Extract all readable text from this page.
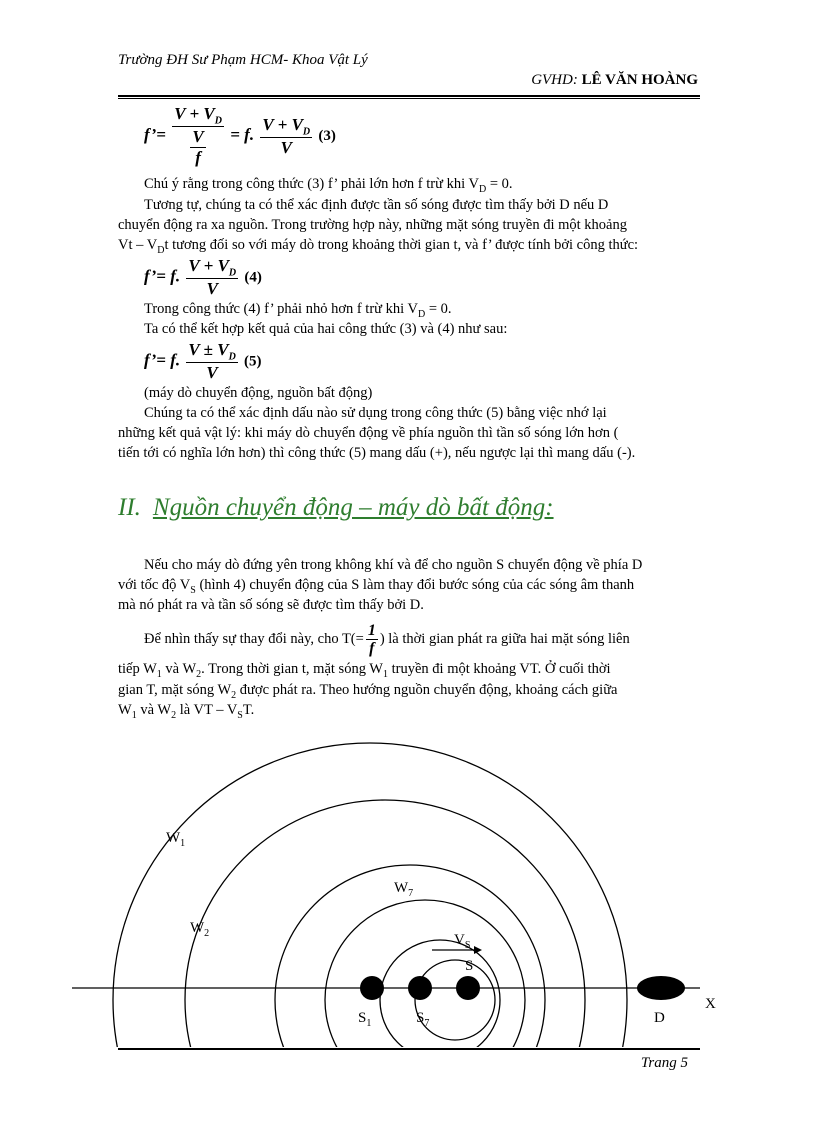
Trường ĐH Sư Phạm HCM- Khoa Vật Lý
GVHD: LÊ VĂN HOÀNG
f’= $\frac{V + V_D}{\frac{V}{f}} = f$. $\frac{V + V_D}{V} (3)$
Chú ý rằng trong công thức (3) f’ phải lớn hơn f trừ khi $V_D = 0$.
Tương tự, chúng ta có thể xác định được tần số sóng được tìm thấy bởi D nếu D
chuyển động ra xa nguồn. Trong trường hợp này, những mặt sóng truyền đi một khoảng
Vt – $V_Dt$ tương đối so với máy dò trong khoảng thời gian t, và f’ được tính bởi công thức:
f’= f. $\frac{V + V_D}{V} (4)$
Trong công thức (4) f’ phải nhỏ hơn f trừ khi $V_D = 0$.
Ta có thể kết hợp kết quả của hai công thức (3) và (4) như sau:
f’= f. $\frac{V \pm V_D}{V} (5)$
(máy dò chuyển động, nguồn bất động)
Chúng ta có thể xác định dấu nào sử dụng trong công thức (5) bằng việc nhớ lại
những kết quả vật lý: khi máy dò chuyển động về phía nguồn thì tần số sóng lớn hơn (
tiến tới có nghĩa lớn hơn) thì công thức (5) mang dấu (+), nếu ngược lại thì mang dấu (-).
II. Nguồn chuyển động – máy dò bất động:
Nếu cho máy dò đứng yên trong không khí và để cho nguồn S chuyển động về phía D
với tốc độ $V_S$ (hình 4) chuyển động của S làm thay đổi bước sóng của các sóng âm thanh
mà nó phát ra và tần số sóng sẽ được tìm thấy bởi D.
Để nhìn thấy sự thay đổi này, cho $T(= \frac{1}{f}$ ) là thời gian phát ra giữa hai mặt sóng liên
tiếp $W_1$ và $W_2$. Trong thời gian t, mặt sóng $W_1$ truyền đi một khoảng VT. Ở cuối thời
gian T, mặt sóng $W_2$ được phát ra. Theo hướng nguồn chuyển động, khoảng cách giữa
$W_1$ và $W_2$ là VT – $V_ST$.
$W_1$
$W_2$
$W_7$
$V_S$
S
$S_1$	$S_7$	D
X
Trang 5
